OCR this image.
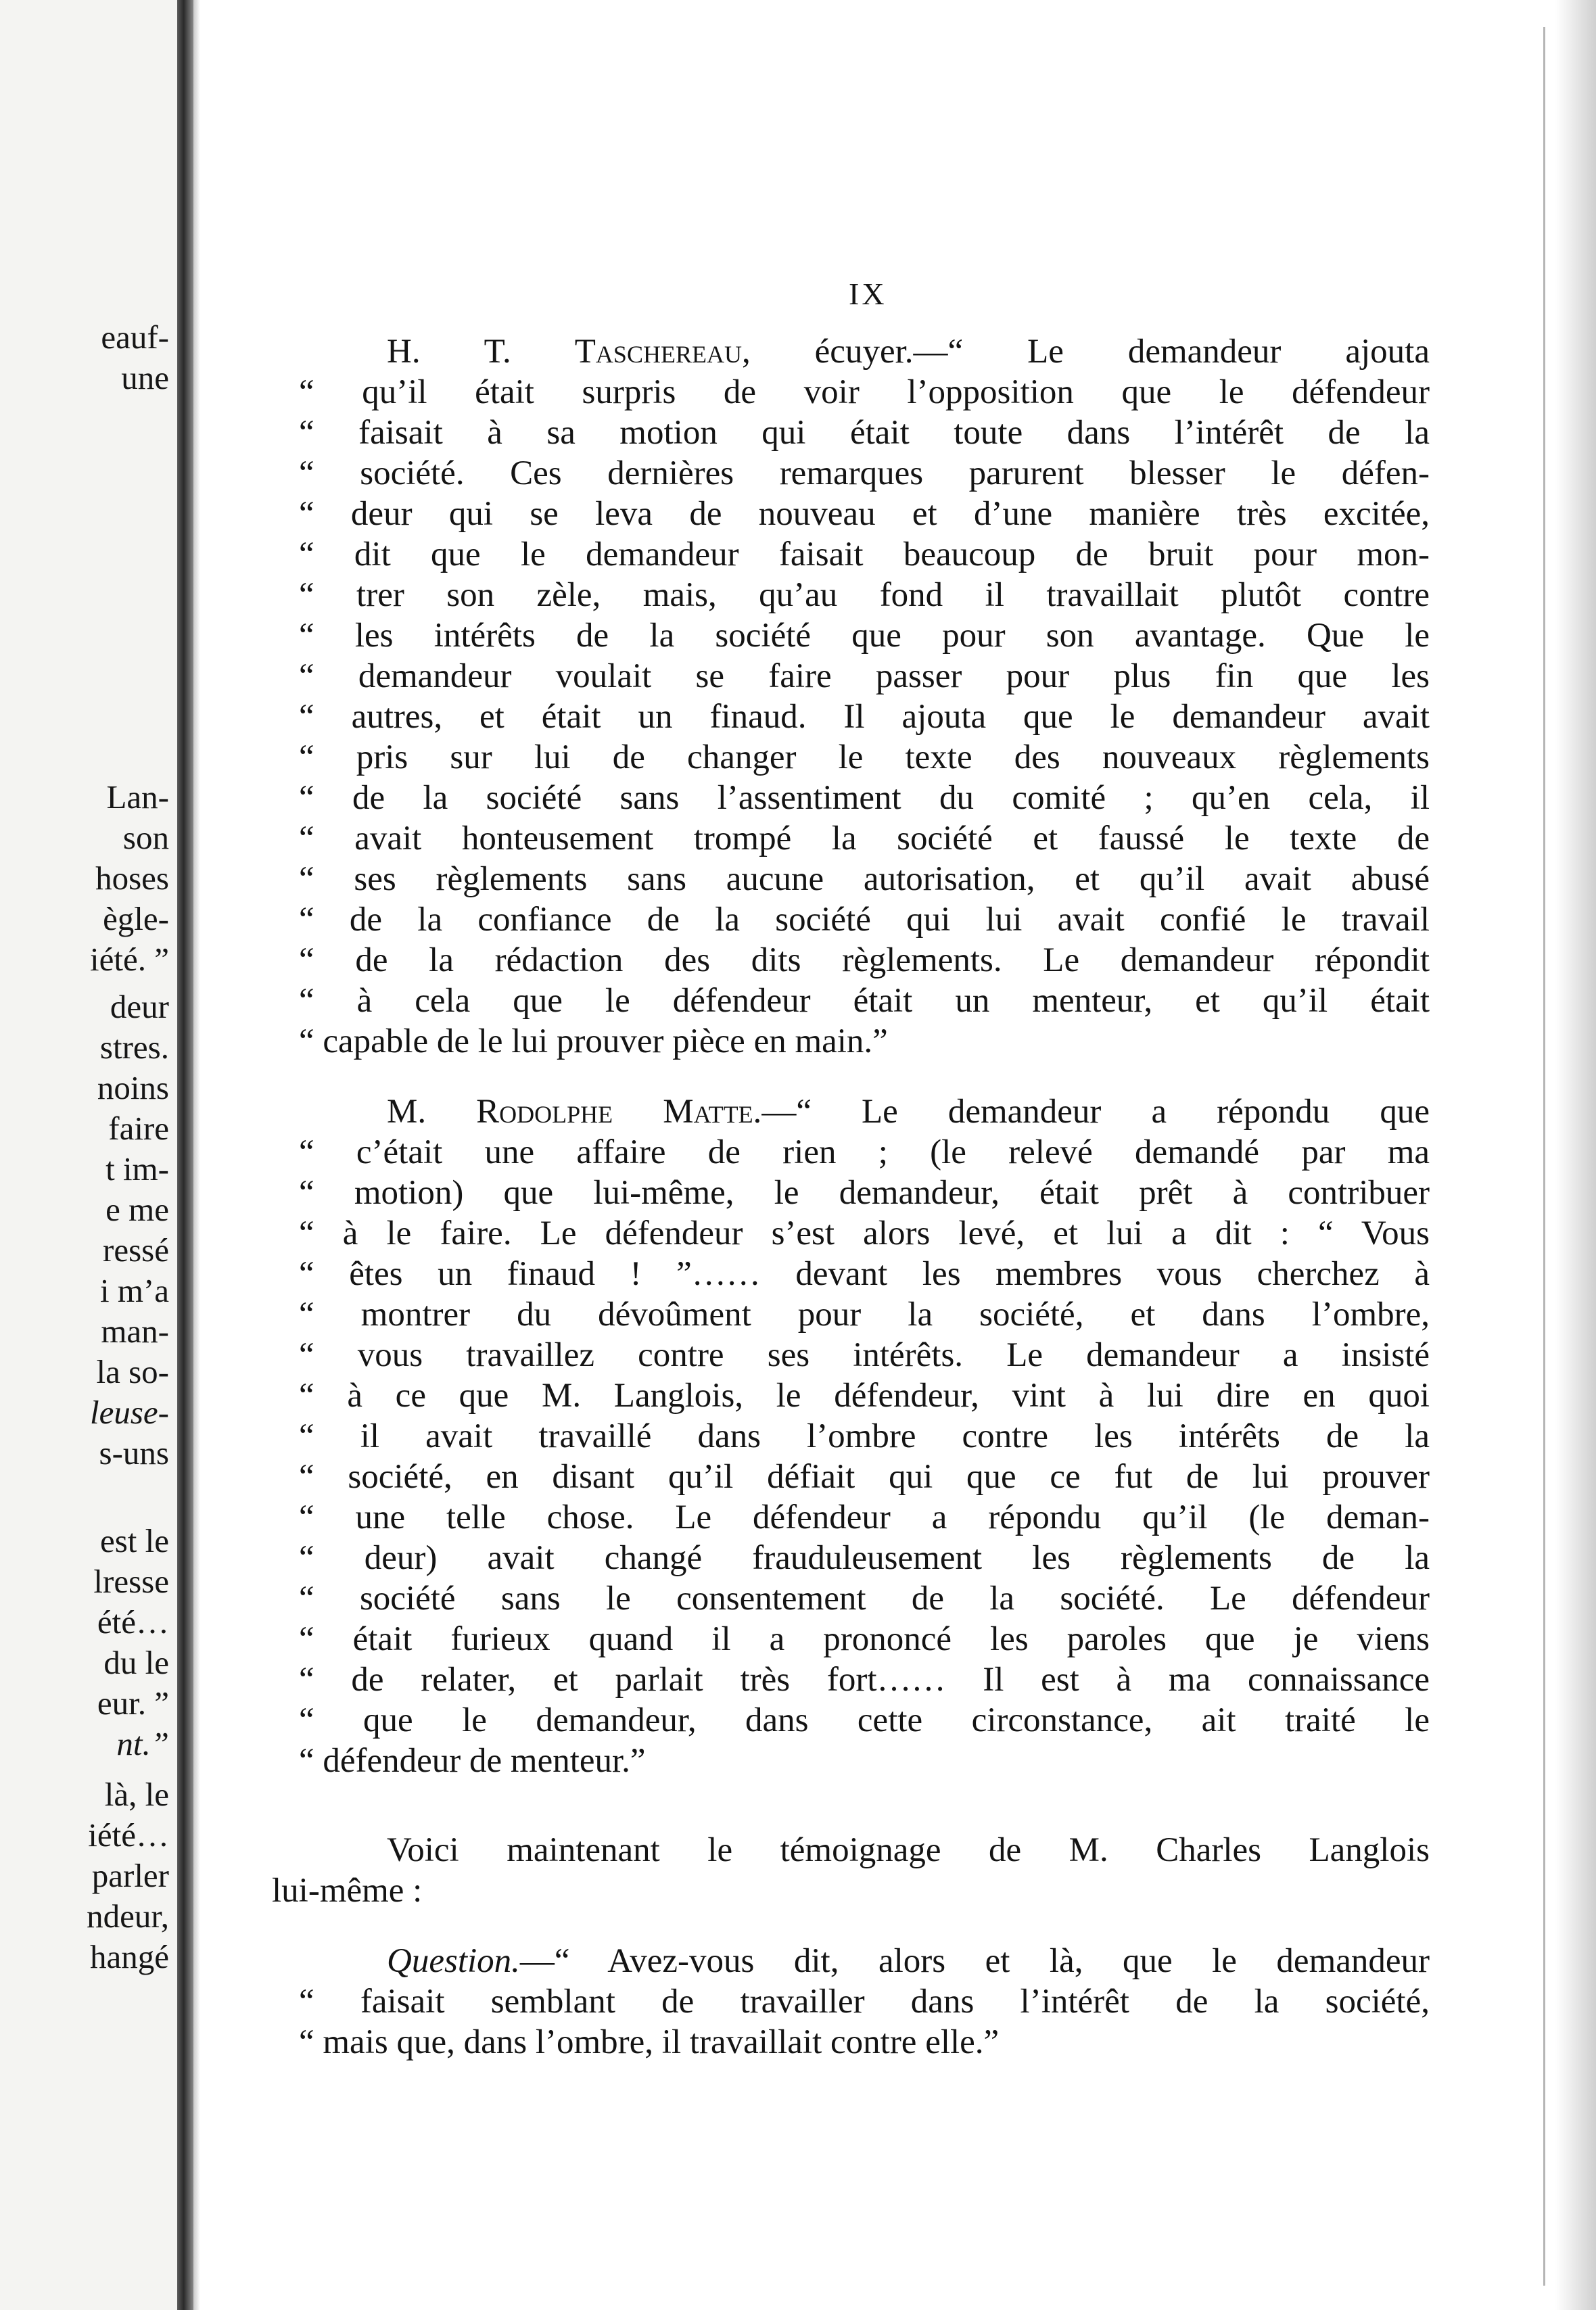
eauf-

une

Lan-

son

hoses

ègle-

iété. ”

deur

stres.

noins

faire

t im-

e me

ressé

i m’a

man-

la so-

leuse-

s-uns

est le

lresse

été…

du le

eur. ”

nt.”

là, le

iété…

parler

ndeur,

hangé

IX

H. T. Taschereau, écuyer.—“ Le demandeur ajouta

“ qu’il était surpris de voir l’opposition que le défendeur

“ faisait à sa motion qui était toute dans l’intérêt de la

“ société. Ces dernières remarques parurent blesser le défen-

“ deur qui se leva de nouveau et d’une manière très excitée,

“ dit que le demandeur faisait beaucoup de bruit pour mon-

“ trer son zèle, mais, qu’au fond il travaillait plutôt contre

“ les intérêts de la société que pour son avantage. Que le

“ demandeur voulait se faire passer pour plus fin que les

“ autres, et était un finaud. Il ajouta que le demandeur avait

“ pris sur lui de changer le texte des nouveaux règlements

“ de la société sans l’assentiment du comité ; qu’en cela, il

“ avait honteusement trompé la société et faussé le texte de

“ ses règlements sans aucune autorisation, et qu’il avait abusé

“ de la confiance de la société qui lui avait confié le travail

“ de la rédaction des dits règlements. Le demandeur répondit

“ à cela que le défendeur était un menteur, et qu’il était

“ capable de le lui prouver pièce en main.”

M. Rodolphe Matte.—“ Le demandeur a répondu que

“ c’était une affaire de rien ; (le relevé demandé par ma

“ motion) que lui-même, le demandeur, était prêt à contribuer

“ à le faire. Le défendeur s’est alors levé, et lui a dit : “ Vous

“ êtes un finaud ! ”…… devant les membres vous cherchez à

“ montrer du dévoûment pour la société, et dans l’ombre,

“ vous travaillez contre ses intérêts. Le demandeur a insisté

“ à ce que M. Langlois, le défendeur, vint à lui dire en quoi

“ il avait travaillé dans l’ombre contre les intérêts de la

“ société, en disant qu’il défiait qui que ce fut de lui prouver

“ une telle chose. Le défendeur a répondu qu’il (le deman-

“ deur) avait changé frauduleusement les règlements de la

“ société sans le consentement de la société. Le défendeur

“ était furieux quand il a prononcé les paroles que je viens

“ de relater, et parlait très fort…… Il est à ma connaissance

“ que le demandeur, dans cette circonstance, ait traité le

“ défendeur de menteur.”

Voici maintenant le témoignage de M. Charles Langlois

lui-même :

Question.—“ Avez-vous dit, alors et là, que le demandeur

“ faisait semblant de travailler dans l’intérêt de la société,

“ mais que, dans l’ombre, il travaillait contre elle.”
